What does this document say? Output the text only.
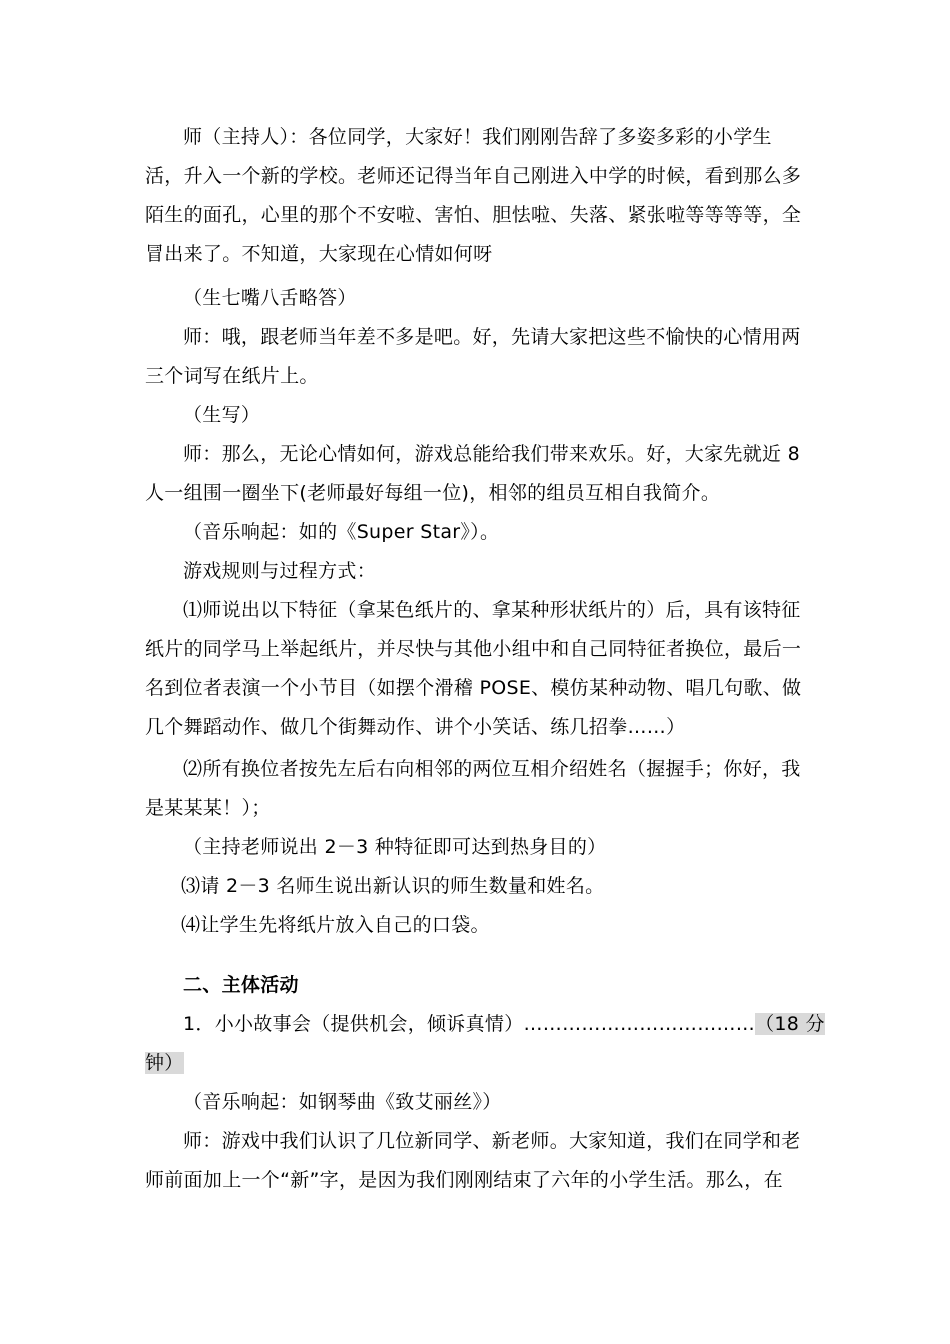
师（主持人）：各位同学，大家好！我们刚刚告辞了多姿多彩的小学生活，升入一个新的学校。老师还记得当年自己刚进入中学的时候，看到那么多陌生的面孔，心里的那个不安啦、害怕、胆怯啦、失落、紧张啦等等等等，全冒出来了。不知道，大家现在心情如何呀

（生七嘴八舌略答）

师：哦，跟老师当年差不多是吧。好，先请大家把这些不愉快的心情用两三个词写在纸片上。

（生写）

师：那么，无论心情如何，游戏总能给我们带来欢乐。好，大家先就近 8 人一组围一圈坐下(老师最好每组一位)，相邻的组员互相自我简介。

（音乐响起：如的《Super Star》）。

游戏规则与过程方式：

⑴师说出以下特征（拿某色纸片的、拿某种形状纸片的）后，具有该特征纸片的同学马上举起纸片，并尽快与其他小组中和自己同特征者换位，最后一名到位者表演一个小节目（如摆个滑稽 POSE、模仿某种动物、唱几句歌、做几个舞蹈动作、做几个街舞动作、讲个小笑话、练几招拳……）

⑵所有换位者按先左后右向相邻的两位互相介绍姓名（握握手；你好，我是某某某！）；

（主持老师说出 2－3 种特征即可达到热身目的）

⑶请 2－3 名师生说出新认识的师生数量和姓名。

⑷让学生先将纸片放入自己的口袋。

二、主体活动

1．小小故事会（提供机会，倾诉真情）………………………………（18 分

钟）

（音乐响起：如钢琴曲《致艾丽丝》）

师：游戏中我们认识了几位新同学、新老师。大家知道，我们在同学和老师前面加上一个“新”字，是因为我们刚刚结束了六年的小学生活。那么，在
